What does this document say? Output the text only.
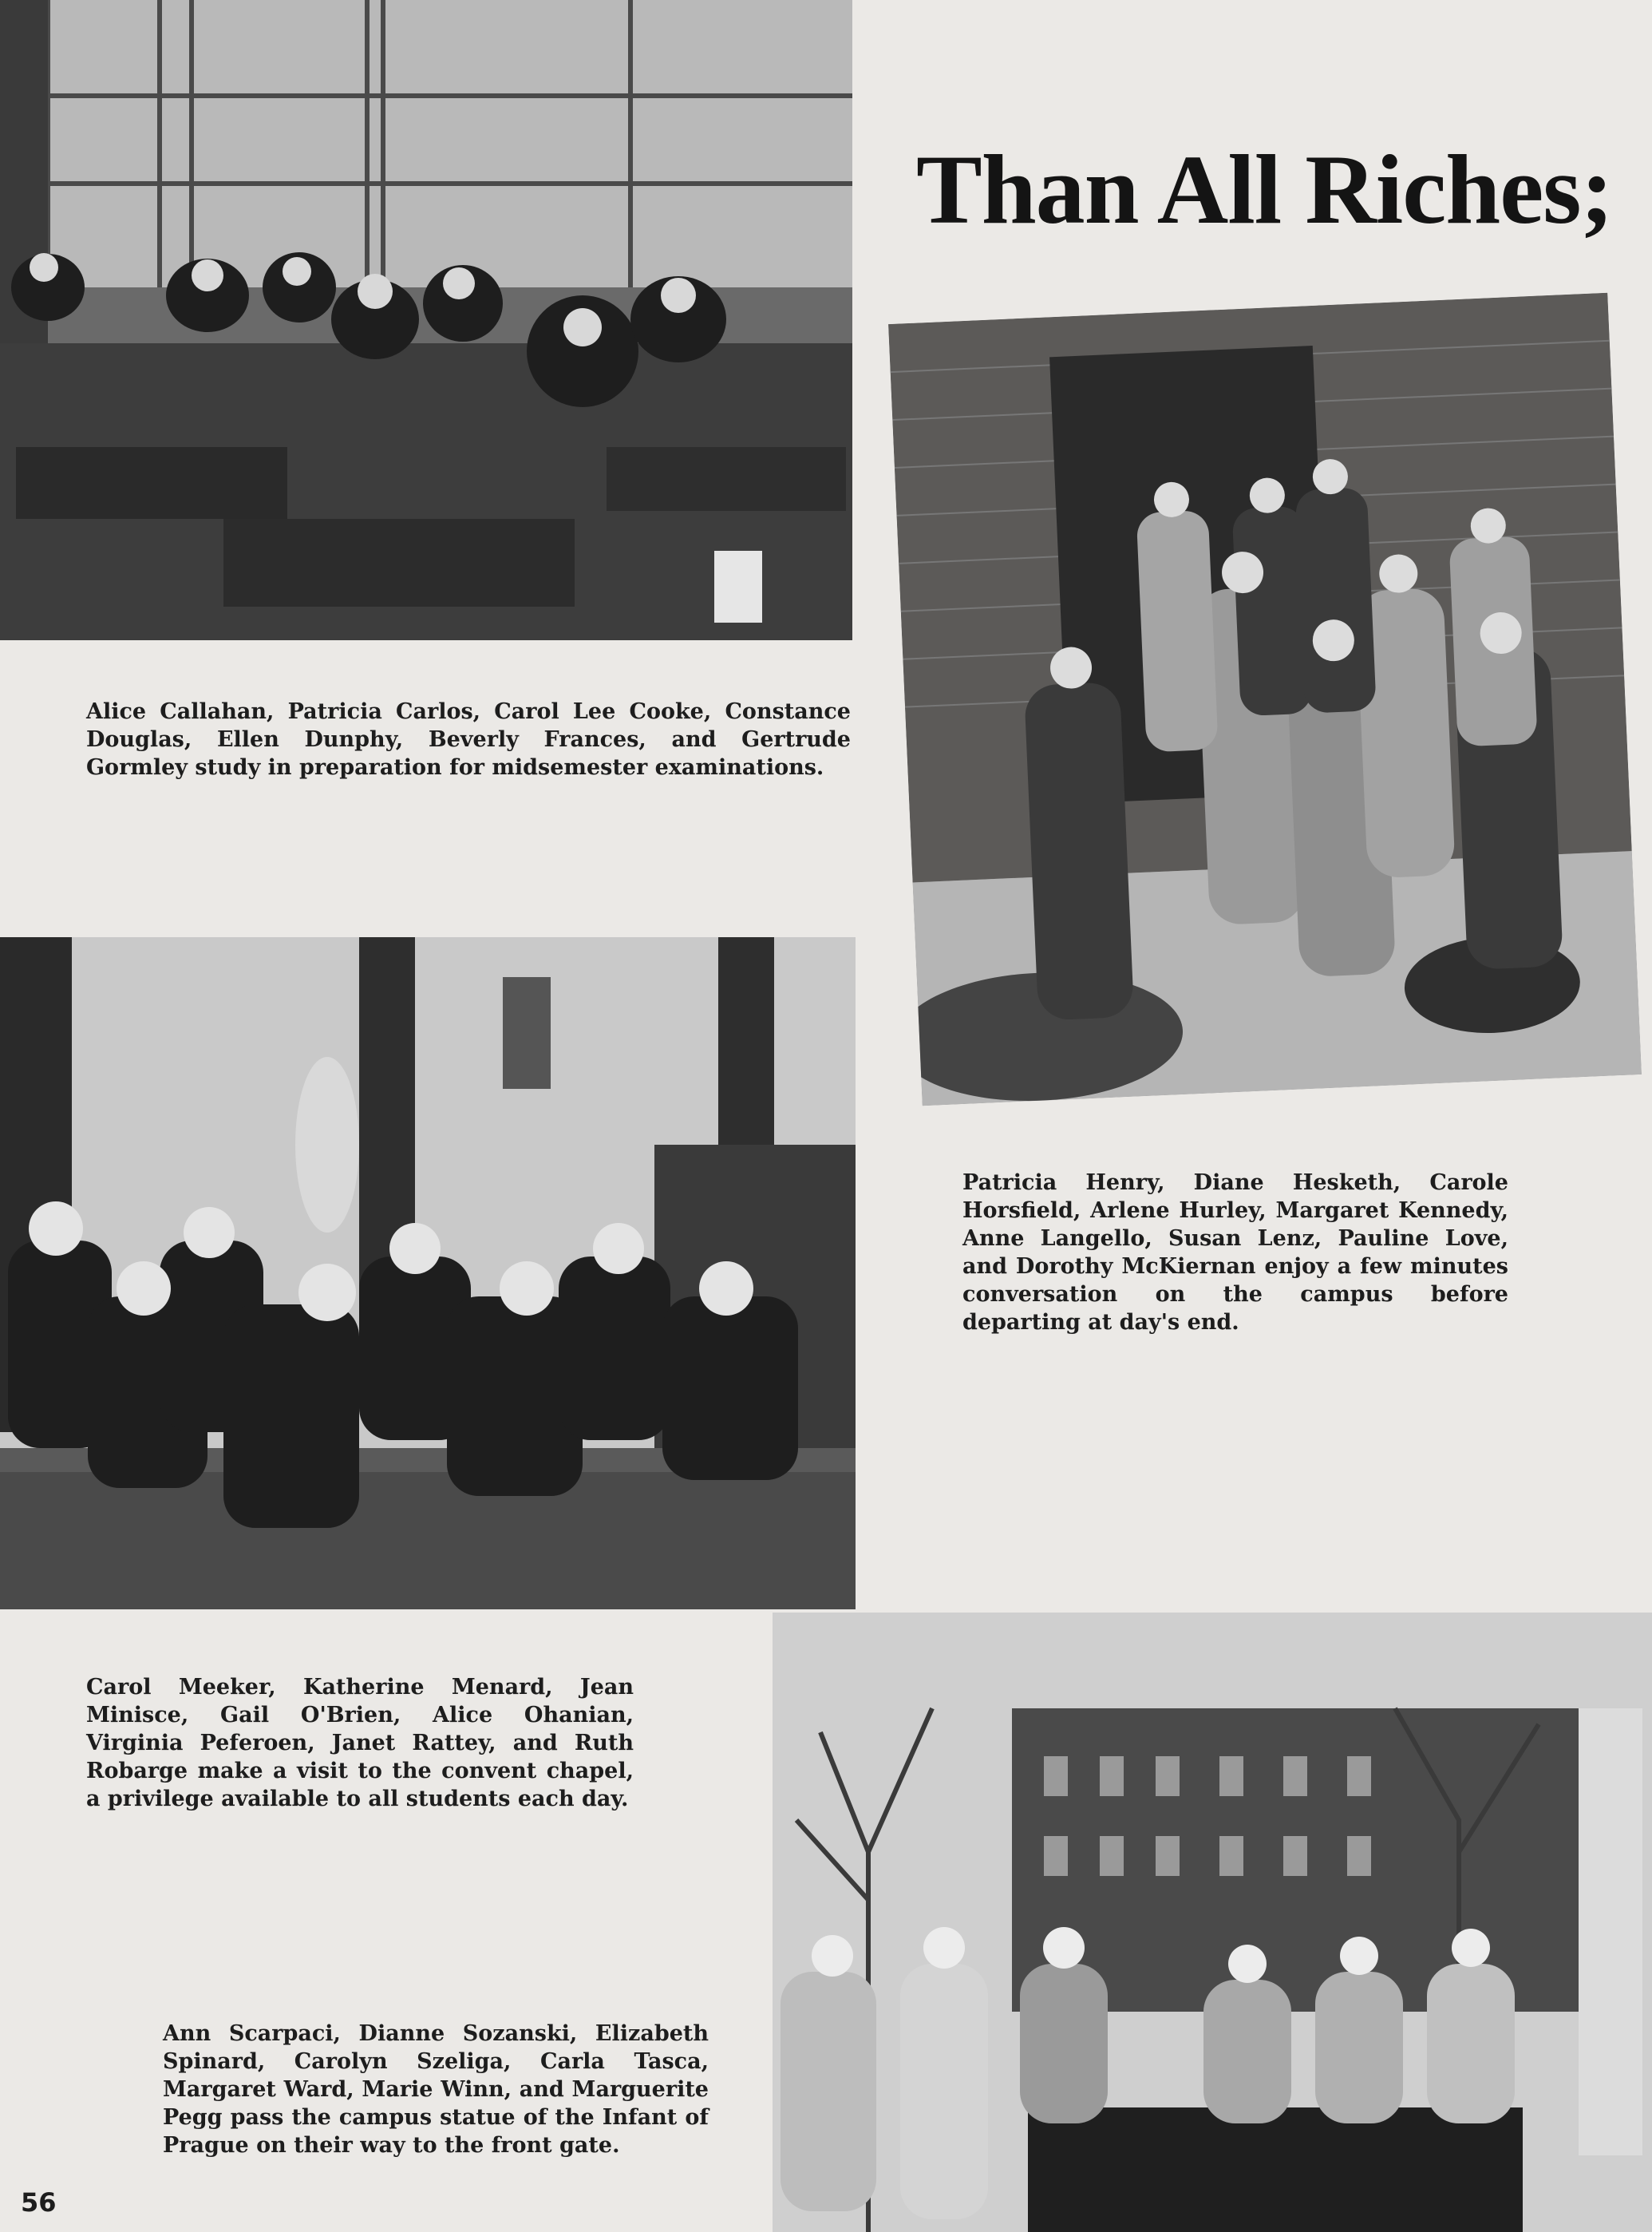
Than All Riches;

Alice Callahan, Patricia Carlos, Carol Lee Cooke, Constance Douglas, Ellen Dunphy, Beverly Frances, and Gertrude Gormley study in preparation for midsemester examinations.

Patricia Henry, Diane Hesketh, Carole Horsfield, Arlene Hurley, Margaret Kennedy, Anne Langello, Susan Lenz, Pauline Love, and Dorothy McKiernan enjoy a few minutes conversation on the campus before departing at day's end.

Carol Meeker, Katherine Menard, Jean Minisce, Gail O'Brien, Alice Ohanian, Virginia Peferoen, Janet Rattey, and Ruth Robarge make a visit to the convent chapel, a privilege available to all students each day.

Ann Scarpaci, Dianne Sozanski, Elizabeth Spinard, Carolyn Szeliga, Carla Tasca, Margaret Ward, Marie Winn, and Marguerite Pegg pass the campus statue of the Infant of Prague on their way to the front gate.

56
